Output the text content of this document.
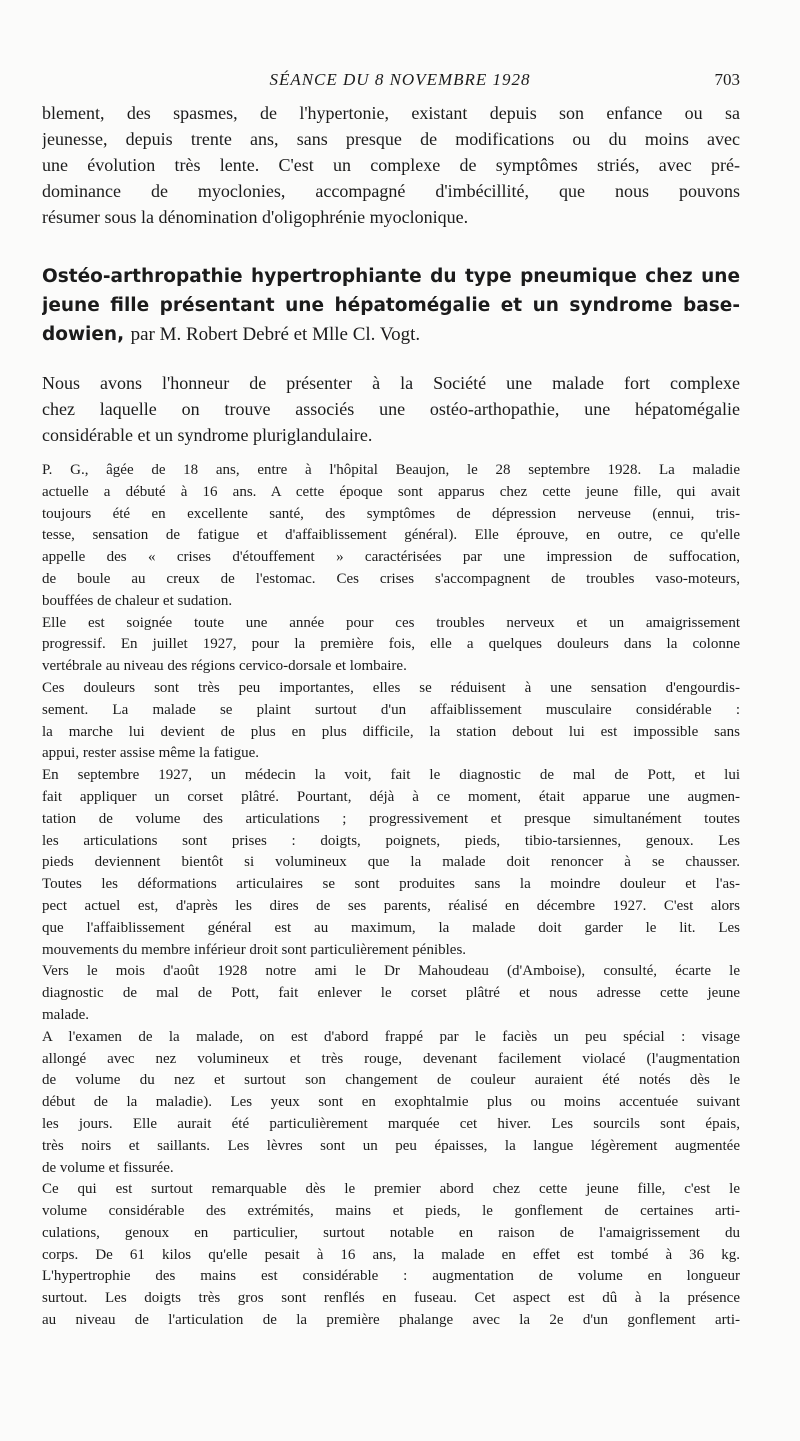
SÉANCE DU 8 NOVEMBRE 1928	703
blement, des spasmes, de l'hypertonie, existant depuis son enfance ou sa
jeunesse, depuis trente ans, sans presque de modifications ou du moins avec
une évolution très lente. C'est un complexe de symptômes striés, avec pré-
dominance de myoclonies, accompagné d'imbécillité, que nous pouvons
résumer sous la dénomination d'oligophrénie myoclonique.
Ostéo-arthropathie hypertrophiante du type pneumique chez une
jeune fille présentant une hépatomégalie et un syndrome base-
dowien, par M. Robert Debré et Mlle Cl. Vogt.
Nous avons l'honneur de présenter à la Société une malade fort complexe
chez laquelle on trouve associés une ostéo-arthopathie, une hépatomégalie
considérable et un syndrome pluriglandulaire.
P. G., âgée de 18 ans, entre à l'hôpital Beaujon, le 28 septembre 1928. La maladie
actuelle a débuté à 16 ans. A cette époque sont apparus chez cette jeune fille, qui avait
toujours été en excellente santé, des symptômes de dépression nerveuse (ennui, tris-
tesse, sensation de fatigue et d'affaiblissement général). Elle éprouve, en outre, ce qu'elle
appelle des « crises d'étouffement » caractérisées par une impression de suffocation,
de boule au creux de l'estomac. Ces crises s'accompagnent de troubles vaso-moteurs,
bouffées de chaleur et sudation.
Elle est soignée toute une année pour ces troubles nerveux et un amaigrissement
progressif. En juillet 1927, pour la première fois, elle a quelques douleurs dans la colonne
vertébrale au niveau des régions cervico-dorsale et lombaire.
Ces douleurs sont très peu importantes, elles se réduisent à une sensation d'engourdis-
sement. La malade se plaint surtout d'un affaiblissement musculaire considérable :
la marche lui devient de plus en plus difficile, la station debout lui est impossible sans
appui, rester assise même la fatigue.
En septembre 1927, un médecin la voit, fait le diagnostic de mal de Pott, et lui
fait appliquer un corset plâtré. Pourtant, déjà à ce moment, était apparue une augmen-
tation de volume des articulations ; progressivement et presque simultanément toutes
les articulations sont prises : doigts, poignets, pieds, tibio-tarsiennes, genoux. Les
pieds deviennent bientôt si volumineux que la malade doit renoncer à se chausser.
Toutes les déformations articulaires se sont produites sans la moindre douleur et l'as-
pect actuel est, d'après les dires de ses parents, réalisé en décembre 1927. C'est alors
que l'affaiblissement général est au maximum, la malade doit garder le lit. Les
mouvements du membre inférieur droit sont particulièrement pénibles.
Vers le mois d'août 1928 notre ami le Dr Mahoudeau (d'Amboise), consulté, écarte le
diagnostic de mal de Pott, fait enlever le corset plâtré et nous adresse cette jeune
malade.
A l'examen de la malade, on est d'abord frappé par le faciès un peu spécial : visage
allongé avec nez volumineux et très rouge, devenant facilement violacé (l'augmentation
de volume du nez et surtout son changement de couleur auraient été notés dès le
début de la maladie). Les yeux sont en exophtalmie plus ou moins accentuée suivant
les jours. Elle aurait été particulièrement marquée cet hiver. Les sourcils sont épais,
très noirs et saillants. Les lèvres sont un peu épaisses, la langue légèrement augmentée
de volume et fissurée.
Ce qui est surtout remarquable dès le premier abord chez cette jeune fille, c'est le
volume considérable des extrémités, mains et pieds, le gonflement de certaines arti-
culations, genoux en particulier, surtout notable en raison de l'amaigrissement du
corps. De 61 kilos qu'elle pesait à 16 ans, la malade en effet est tombé à 36 kg.
L'hypertrophie des mains est considérable : augmentation de volume en longueur
surtout. Les doigts très gros sont renflés en fuseau. Cet aspect est dû à la présence
au niveau de l'articulation de la première phalange avec la 2e d'un gonflement arti-
